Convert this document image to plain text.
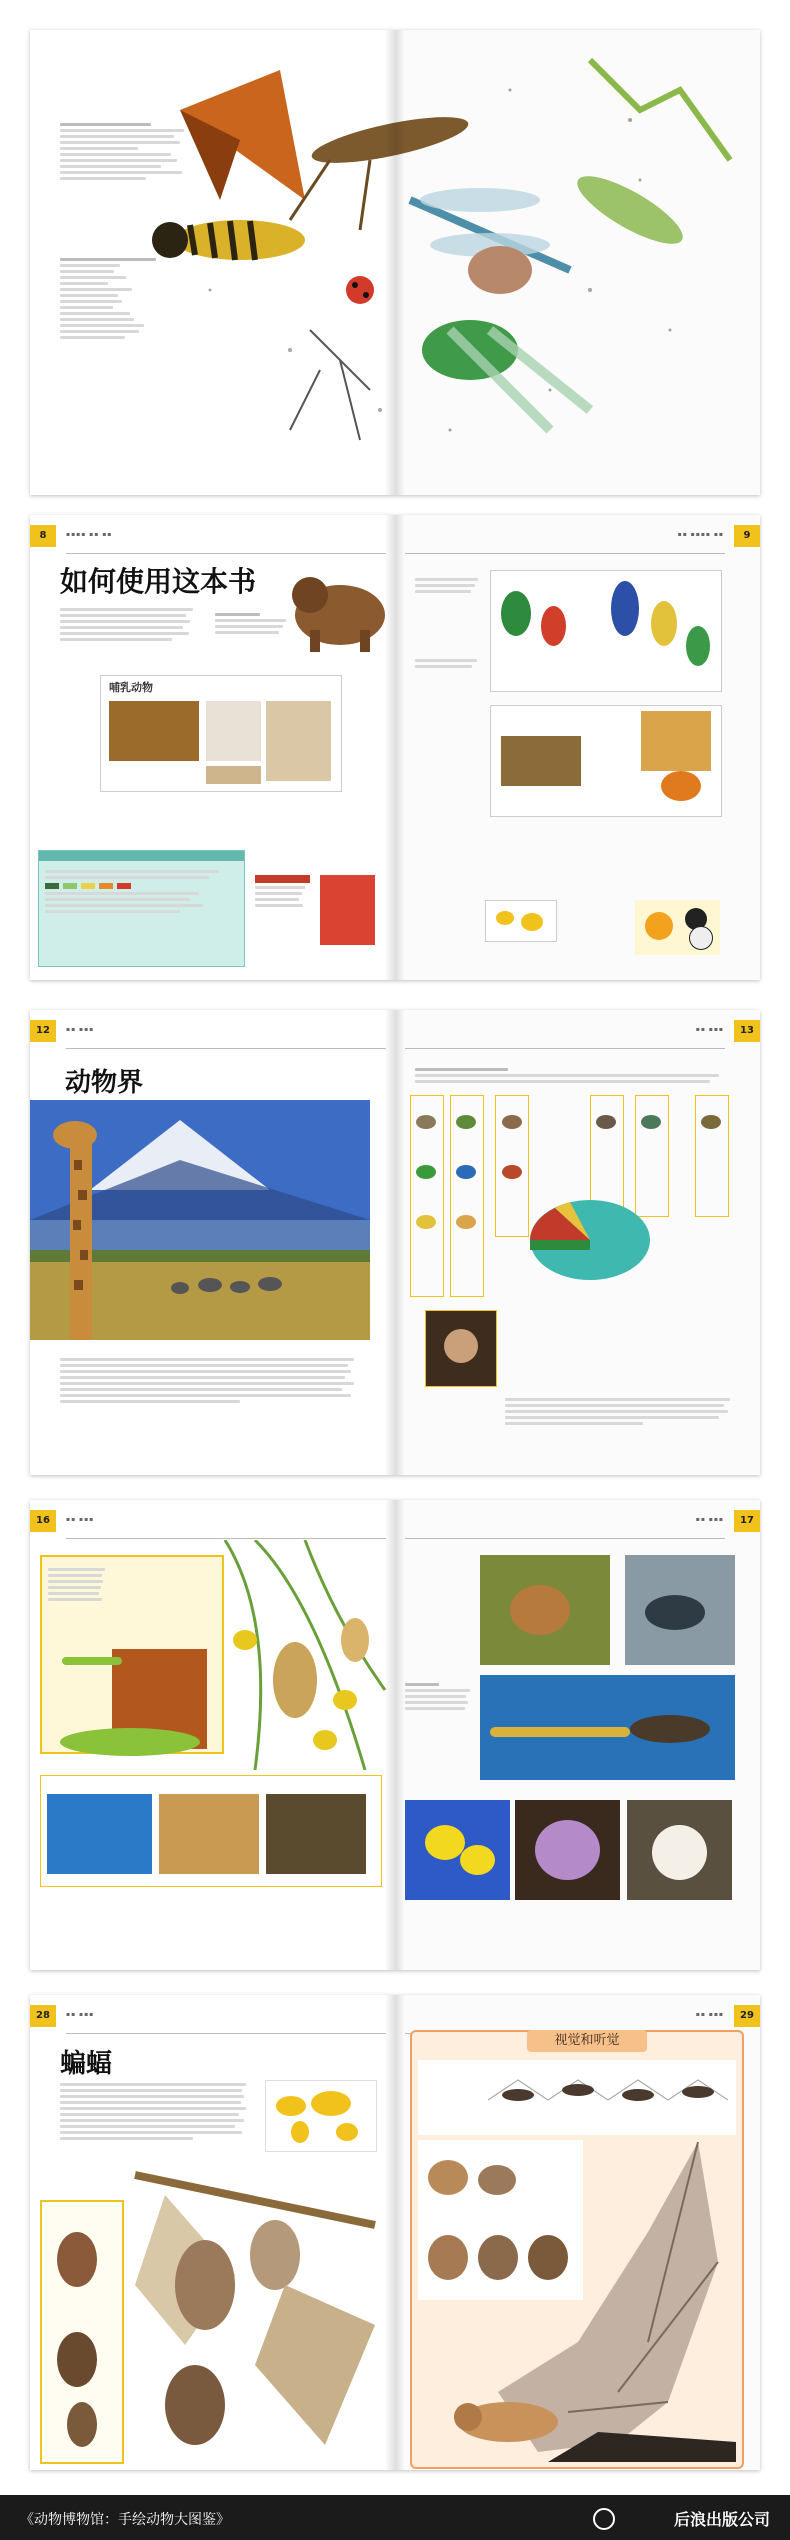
8	▪▪▪▪ ▪▪ ▪▪
如何使用这本书
哺乳动物
9
▪▪ ▪▪▪▪ ▪▪
12	▪▪ ▪▪▪
动物界
13
▪▪ ▪▪▪
16	▪▪ ▪▪▪	17
▪▪ ▪▪▪
28	▪▪ ▪▪▪
蝙蝠
29
▪▪ ▪▪▪
视觉和听觉
《动物博物馆：手绘动物大图鉴》	后浪出版公司
